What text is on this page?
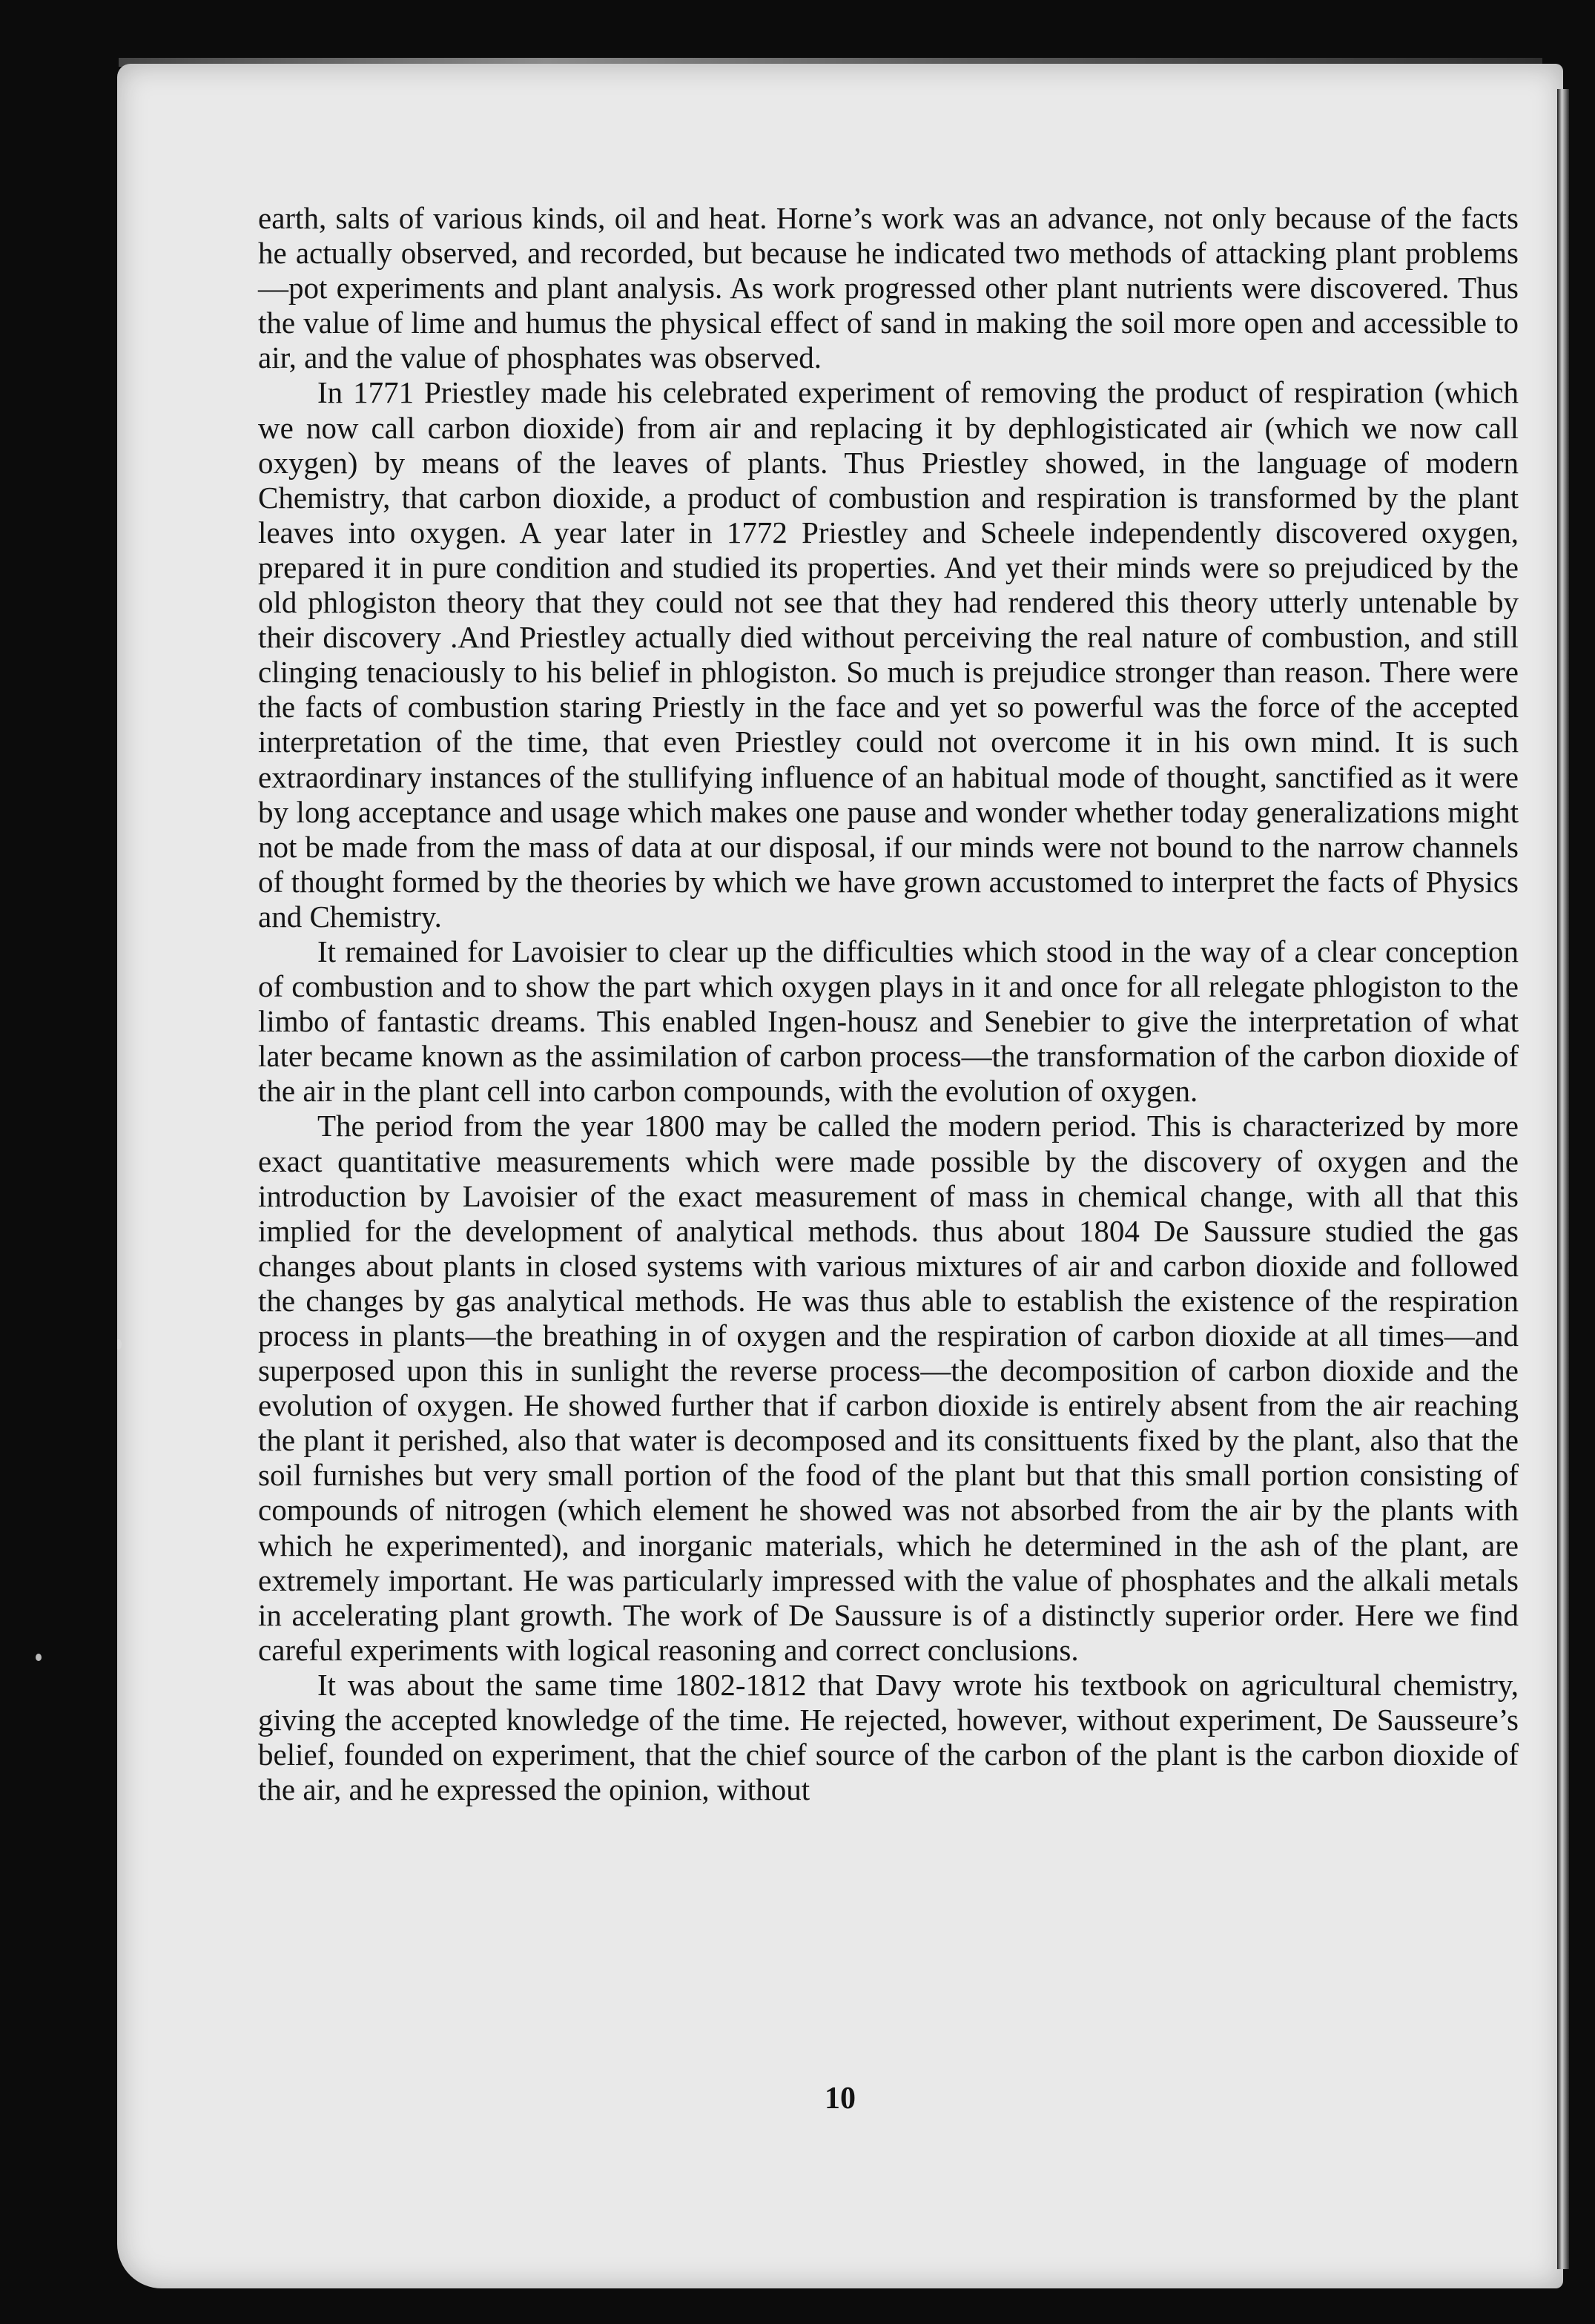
earth, salts of various kinds, oil and heat. Horne’s work was an advance, not only because of the facts he actually observed, and recorded, but because he indicated two methods of attacking plant problems—pot experiments and plant analysis. As work progressed other plant nutrients were discovered. Thus the value of lime and humus the physical effect of sand in making the soil more open and accessible to air, and the value of phosphates was observed.

In 1771 Priestley made his celebrated experiment of removing the product of respiration (which we now call carbon dioxide) from air and replacing it by dephlogisticated air (which we now call oxygen) by means of the leaves of plants. Thus Priestley showed, in the language of modern Chemistry, that carbon dioxide, a product of combustion and respiration is transformed by the plant leaves into oxygen. A year later in 1772 Priestley and Scheele independently discovered oxygen, prepared it in pure condition and studied its properties. And yet their minds were so prejudiced by the old phlogiston theory that they could not see that they had rendered this theory utterly untenable by their discovery .And Priestley actually died without perceiving the real nature of combustion, and still clinging tenaciously to his belief in phlogiston. So much is prejudice stronger than reason. There were the facts of combustion staring Priestly in the face and yet so powerful was the force of the accepted interpretation of the time, that even Priestley could not overcome it in his own mind. It is such extraordinary instances of the stullifying influence of an habitual mode of thought, sanctified as it were by long acceptance and usage which makes one pause and wonder whether today generalizations might not be made from the mass of data at our disposal, if our minds were not bound to the narrow channels of thought formed by the theories by which we have grown accustomed to interpret the facts of Physics and Chemistry.

It remained for Lavoisier to clear up the difficulties which stood in the way of a clear conception of combustion and to show the part which oxygen plays in it and once for all relegate phlogiston to the limbo of fantastic dreams. This enabled Ingen-housz and Senebier to give the interpretation of what later became known as the assimilation of carbon process—the transformation of the carbon dioxide of the air in the plant cell into carbon compounds, with the evolution of oxygen.

The period from the year 1800 may be called the modern period. This is characterized by more exact quantitative measurements which were made possible by the discovery of oxygen and the introduction by Lavoisier of the exact measurement of mass in chemical change, with all that this implied for the development of analytical methods. thus about 1804 De Saussure studied the gas changes about plants in closed systems with various mixtures of air and carbon dioxide and followed the changes by gas analytical methods. He was thus able to establish the existence of the respiration process in plants—the breathing in of oxygen and the respiration of carbon dioxide at all times—and superposed upon this in sunlight the reverse process—the decomposition of carbon dioxide and the evolution of oxygen. He showed further that if carbon dioxide is entirely absent from the air reaching the plant it perished, also that water is decomposed and its consittuents fixed by the plant, also that the soil furnishes but very small portion of the food of the plant but that this small portion consisting of compounds of nitrogen (which element he showed was not absorbed from the air by the plants with which he experimented), and inorganic materials, which he determined in the ash of the plant, are extremely important. He was particularly impressed with the value of phosphates and the alkali metals in accelerating plant growth. The work of De Saussure is of a distinctly superior order. Here we find careful experiments with logical reasoning and correct conclusions.

It was about the same time 1802-1812 that Davy wrote his textbook on agricultural chemistry, giving the accepted knowledge of the time. He rejected, however, without experiment, De Sausseure’s belief, founded on experiment, that the chief source of the carbon of the plant is the carbon dioxide of the air, and he expressed the opinion, without

10
